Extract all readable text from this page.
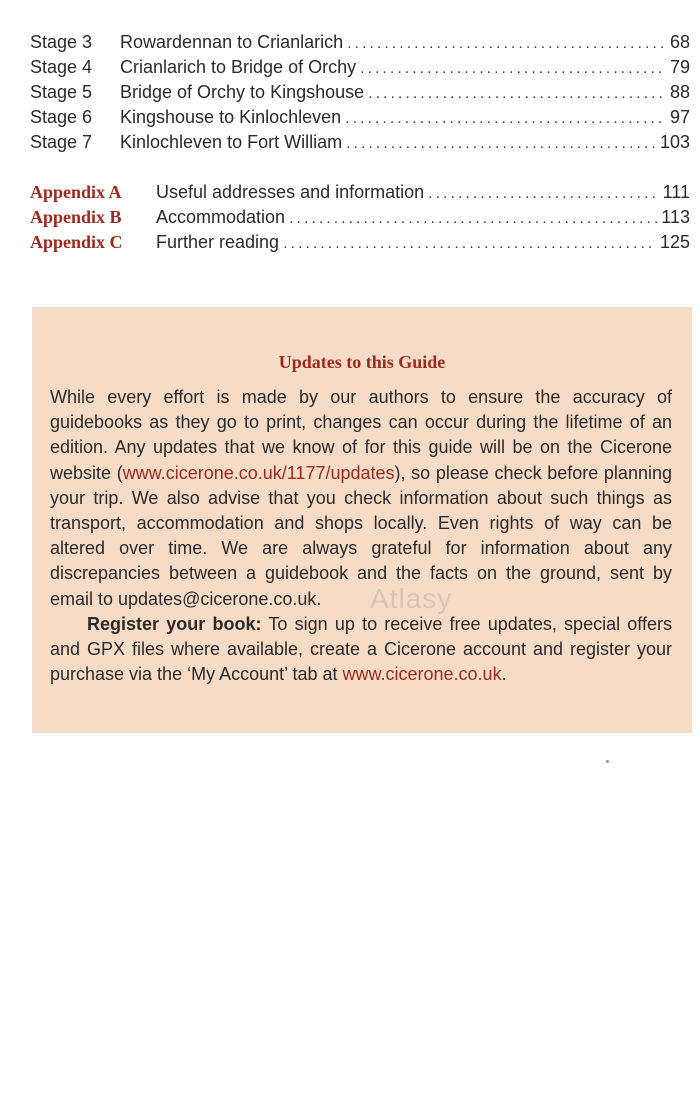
Stage 3	Rowardennan to Crianlarich .....	68
Stage 4	Crianlarich to Bridge of Orchy .....	79
Stage 5	Bridge of Orchy to Kingshouse .....	88
Stage 6	Kingshouse to Kinlochleven .....	97
Stage 7	Kinlochleven to Fort William .....	103
Appendix A	Useful addresses and information .....	111
Appendix B	Accommodation .....	113
Appendix C	Further reading .....	125
Updates to this Guide

While every effort is made by our authors to ensure the accuracy of guidebooks as they go to print, changes can occur during the lifetime of an edition. Any updates that we know of for this guide will be on the Cicerone website (www.cicerone.co.uk/1177/updates), so please check before planning your trip. We also advise that you check information about such things as transport, accommodation and shops locally. Even rights of way can be altered over time. We are always grateful for information about any discrepancies between a guidebook and the facts on the ground, sent by email to updates@cicerone.co.uk.

Register your book: To sign up to receive free updates, special offers and GPX files where available, create a Cicerone account and register your purchase via the ‘My Account’ tab at www.cicerone.co.uk.

Atlasy
